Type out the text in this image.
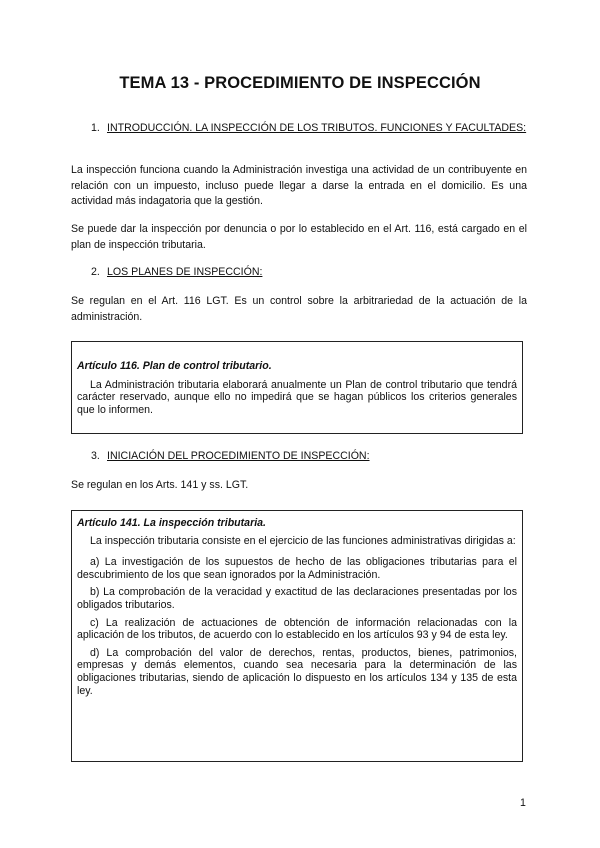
TEMA 13 - PROCEDIMIENTO DE INSPECCIÓN
1. INTRODUCCIÓN. LA INSPECCIÓN DE LOS TRIBUTOS. FUNCIONES Y FACULTADES:
La inspección funciona cuando la Administración investiga una actividad de un contribuyente en relación con un impuesto, incluso puede llegar a darse la entrada en el domicilio. Es una actividad más indagatoria que la gestión.
Se puede dar la inspección por denuncia o por lo establecido en el Art. 116, está cargado en el plan de inspección tributaria.
2. LOS PLANES DE INSPECCIÓN:
Se regulan en el Art. 116 LGT. Es un control sobre la arbitrariedad de la actuación de la administración.

Artículo 116. Plan de control tributario.

La Administración tributaria elaborará anualmente un Plan de control tributario que tendrá carácter reservado, aunque ello no impedirá que se hagan públicos los criterios generales que lo informen.

3. INICIACIÓN DEL PROCEDIMIENTO DE INSPECCIÓN:
Se regulan en los Arts. 141 y ss. LGT.

Artículo 141. La inspección tributaria.

La inspección tributaria consiste en el ejercicio de las funciones administrativas dirigidas a:

a) La investigación de los supuestos de hecho de las obligaciones tributarias para el descubrimiento de los que sean ignorados por la Administración.

b) La comprobación de la veracidad y exactitud de las declaraciones presentadas por los obligados tributarios.

c) La realización de actuaciones de obtención de información relacionadas con la aplicación de los tributos, de acuerdo con lo establecido en los artículos 93 y 94 de esta ley.

d) La comprobación del valor de derechos, rentas, productos, bienes, patrimonios, empresas y demás elementos, cuando sea necesaria para la determinación de las obligaciones tributarias, siendo de aplicación lo dispuesto en los artículos 134 y 135 de esta ley.

1
